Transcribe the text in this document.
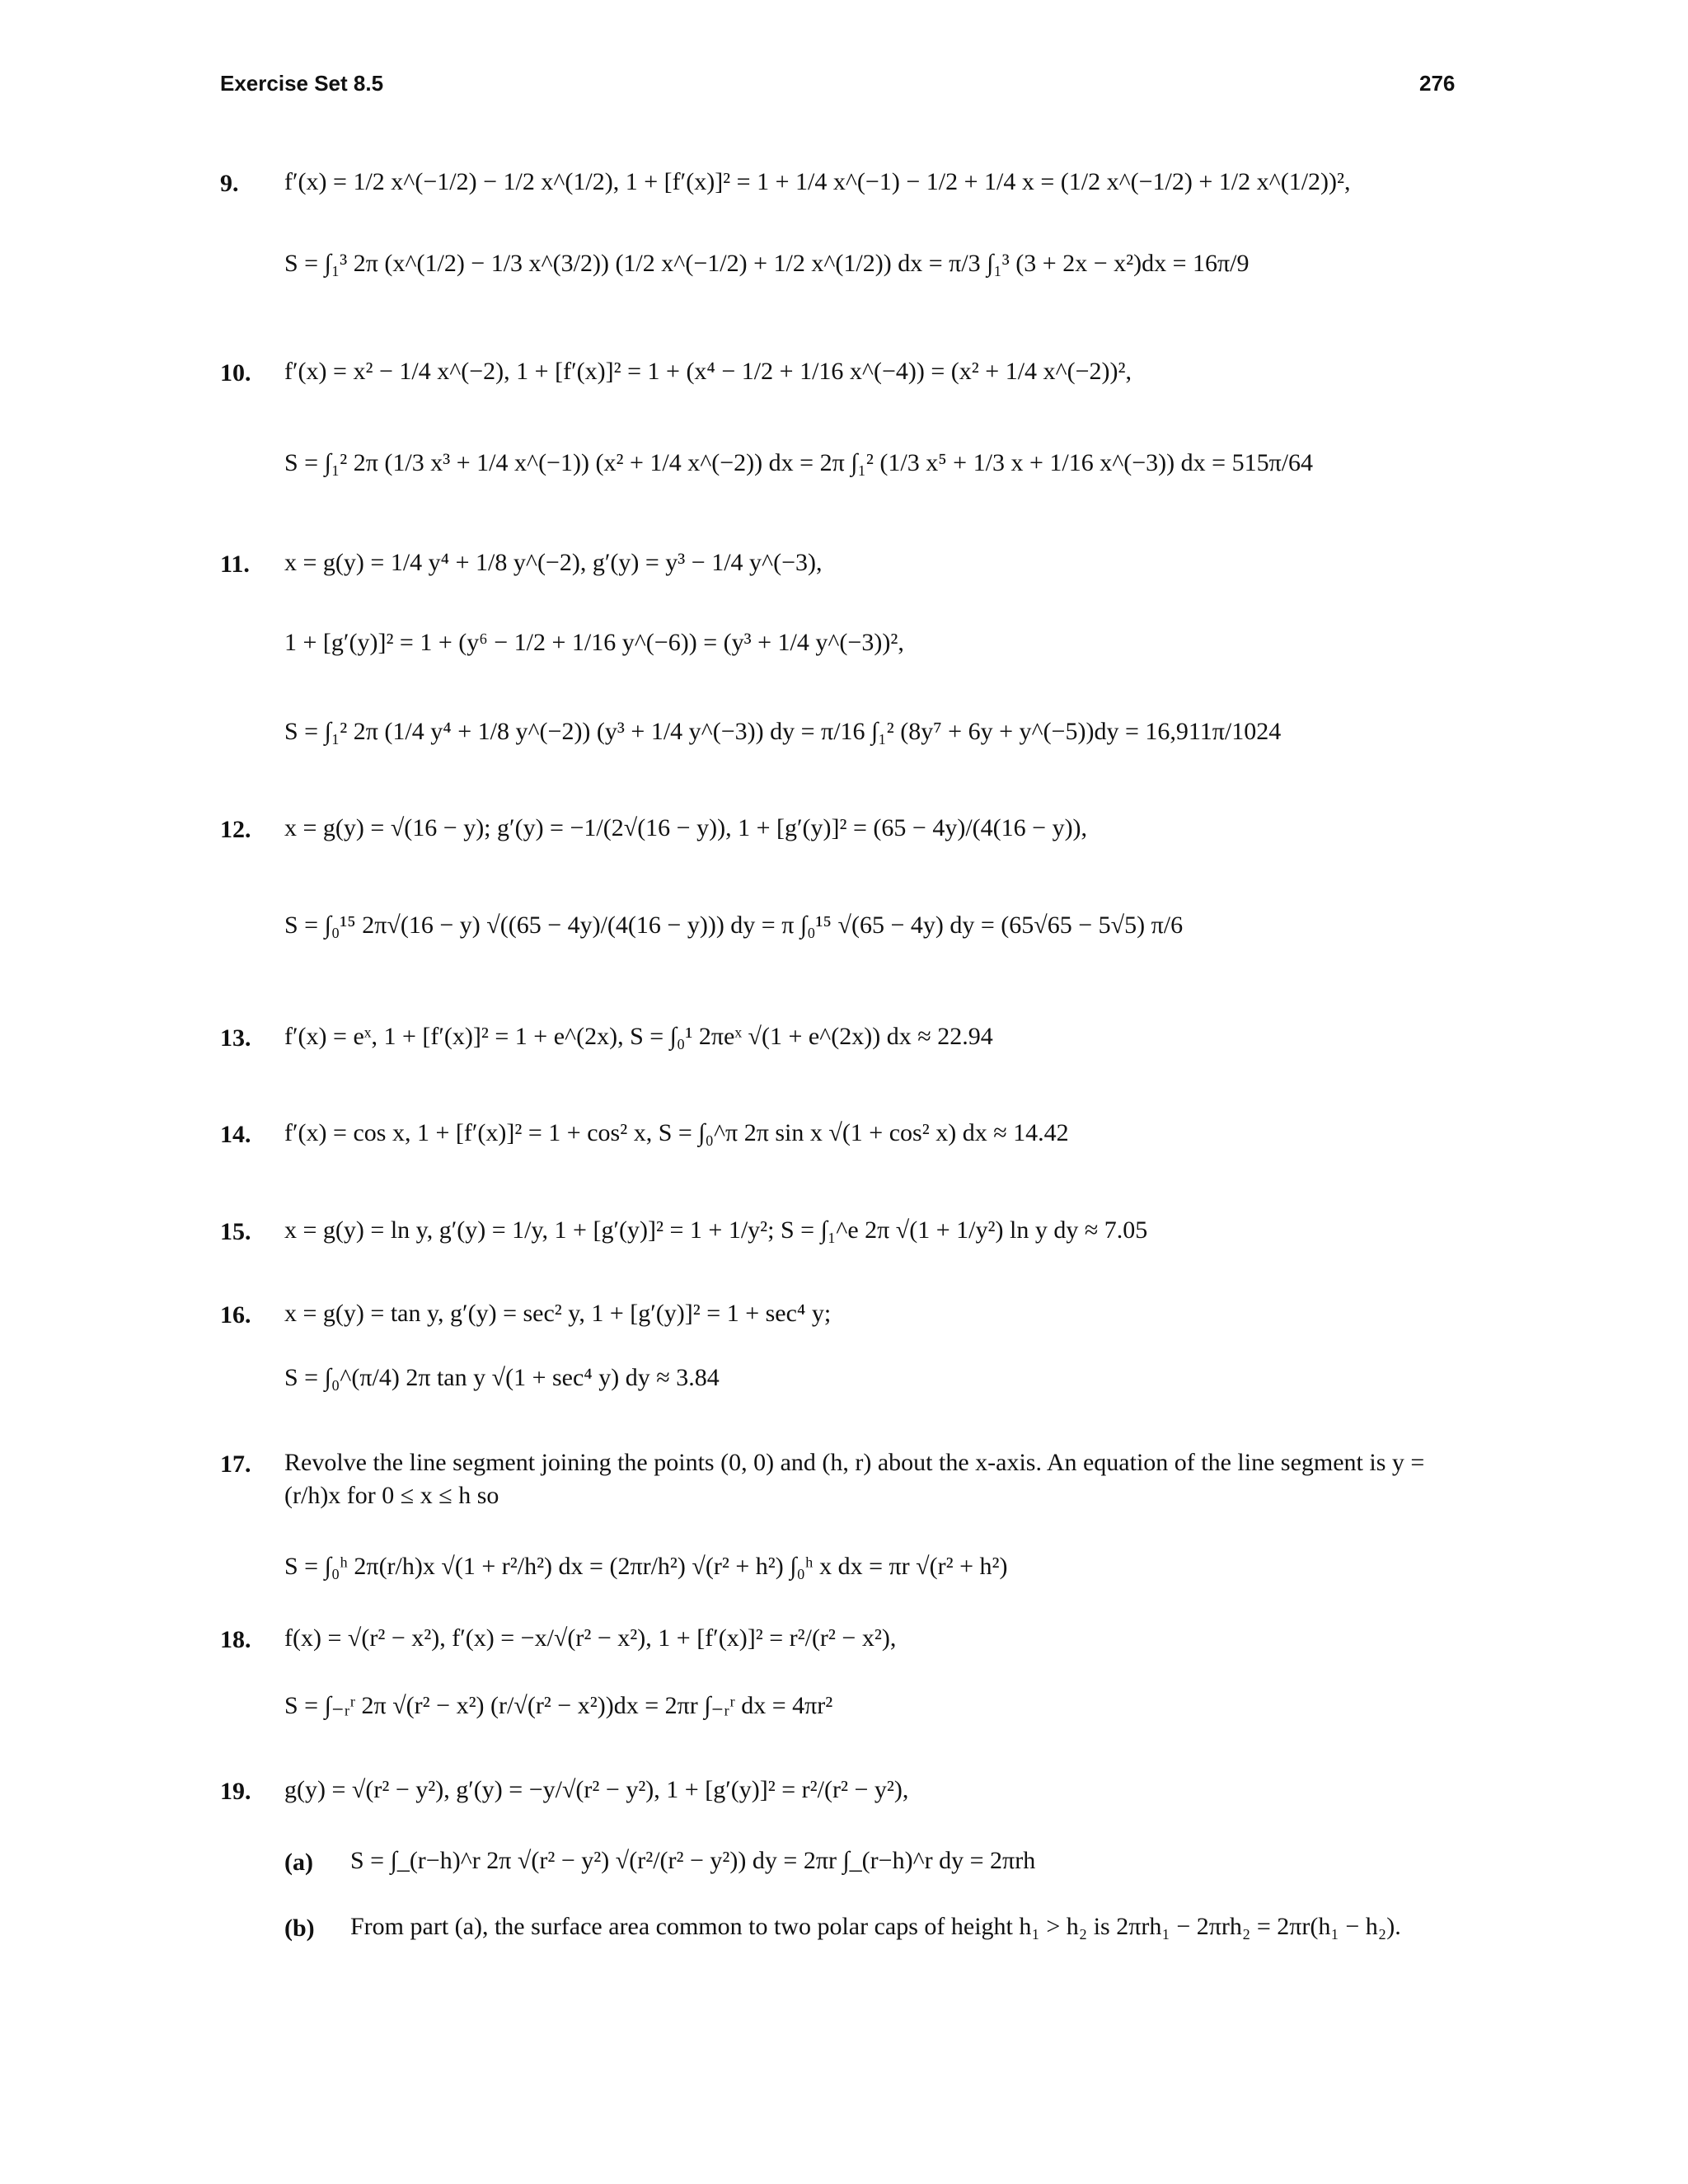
Exercise Set 8.5	276
9. f′(x) = 1/2 x^(−1/2) − 1/2 x^(1/2), 1 + [f′(x)]² = 1 + 1/4 x^(−1) − 1/2 + 1/4 x = (1/2 x^(−1/2) + 1/2 x^(1/2))²,
S = ∫₁³ 2π (x^(1/2) − 1/3 x^(3/2)) (1/2 x^(−1/2) + 1/2 x^(1/2)) dx = π/3 ∫₁³ (3 + 2x − x²)dx = 16π/9
10. f′(x) = x² − 1/4 x^(−2), 1 + [f′(x)]² = 1 + (x⁴ − 1/2 + 1/16 x^(−4)) = (x² + 1/4 x^(−2))²,
S = ∫₁² 2π (1/3 x³ + 1/4 x^(−1)) (x² + 1/4 x^(−2)) dx = 2π ∫₁² (1/3 x⁵ + 1/3 x + 1/16 x^(−3)) dx = 515π/64
11. x = g(y) = 1/4 y⁴ + 1/8 y^(−2), g′(y) = y³ − 1/4 y^(−3),
1 + [g′(y)]² = 1 + (y⁶ − 1/2 + 1/16 y^(−6)) = (y³ + 1/4 y^(−3))²,
S = ∫₁² 2π (1/4 y⁴ + 1/8 y^(−2)) (y³ + 1/4 y^(−3)) dy = π/16 ∫₁² (8y⁷ + 6y + y^(−5))dy = 16,911π/1024
12. x = g(y) = √(16 − y); g′(y) = −1/(2√(16 − y)), 1 + [g′(y)]² = (65 − 4y)/(4(16 − y)),
S = ∫₀¹⁵ 2π√(16 − y) √((65 − 4y)/(4(16 − y))) dy = π ∫₀¹⁵ √(65 − 4y) dy = (65√65 − 5√5) π/6
13. f′(x) = eˣ, 1 + [f′(x)]² = 1 + e^(2x), S = ∫₀¹ 2πeˣ √(1 + e^(2x)) dx ≈ 22.94
14. f′(x) = cos x, 1 + [f′(x)]² = 1 + cos² x, S = ∫₀^π 2π sin x √(1 + cos² x) dx ≈ 14.42
15. x = g(y) = ln y, g′(y) = 1/y, 1 + [g′(y)]² = 1 + 1/y²; S = ∫₁^e 2π √(1 + 1/y²) ln y dy ≈ 7.05
16. x = g(y) = tan y, g′(y) = sec² y, 1 + [g′(y)]² = 1 + sec⁴ y;
S = ∫₀^(π/4) 2π tan y √(1 + sec⁴ y) dy ≈ 3.84
17. Revolve the line segment joining the points (0, 0) and (h, r) about the x-axis. An equation of the line segment is y = (r/h)x for 0 ≤ x ≤ h so
S = ∫₀ʰ 2π(r/h)x √(1 + r²/h²) dx = (2πr/h²) √(r² + h²) ∫₀ʰ x dx = πr √(r² + h²)
18. f(x) = √(r² − x²), f′(x) = −x/√(r² − x²), 1 + [f′(x)]² = r²/(r² − x²),
S = ∫₋ᵣʳ 2π √(r² − x²) (r/√(r² − x²))dx = 2πr ∫₋ᵣʳ dx = 4πr²
19. g(y) = √(r² − y²), g′(y) = −y/√(r² − y²), 1 + [g′(y)]² = r²/(r² − y²),
(a) S = ∫_(r−h)^r 2π √(r² − y²) √(r²/(r² − y²)) dy = 2πr ∫_(r−h)^r dy = 2πrh
(b) From part (a), the surface area common to two polar caps of height h₁ > h₂ is 2πrh₁ − 2πrh₂ = 2πr(h₁ − h₂).
